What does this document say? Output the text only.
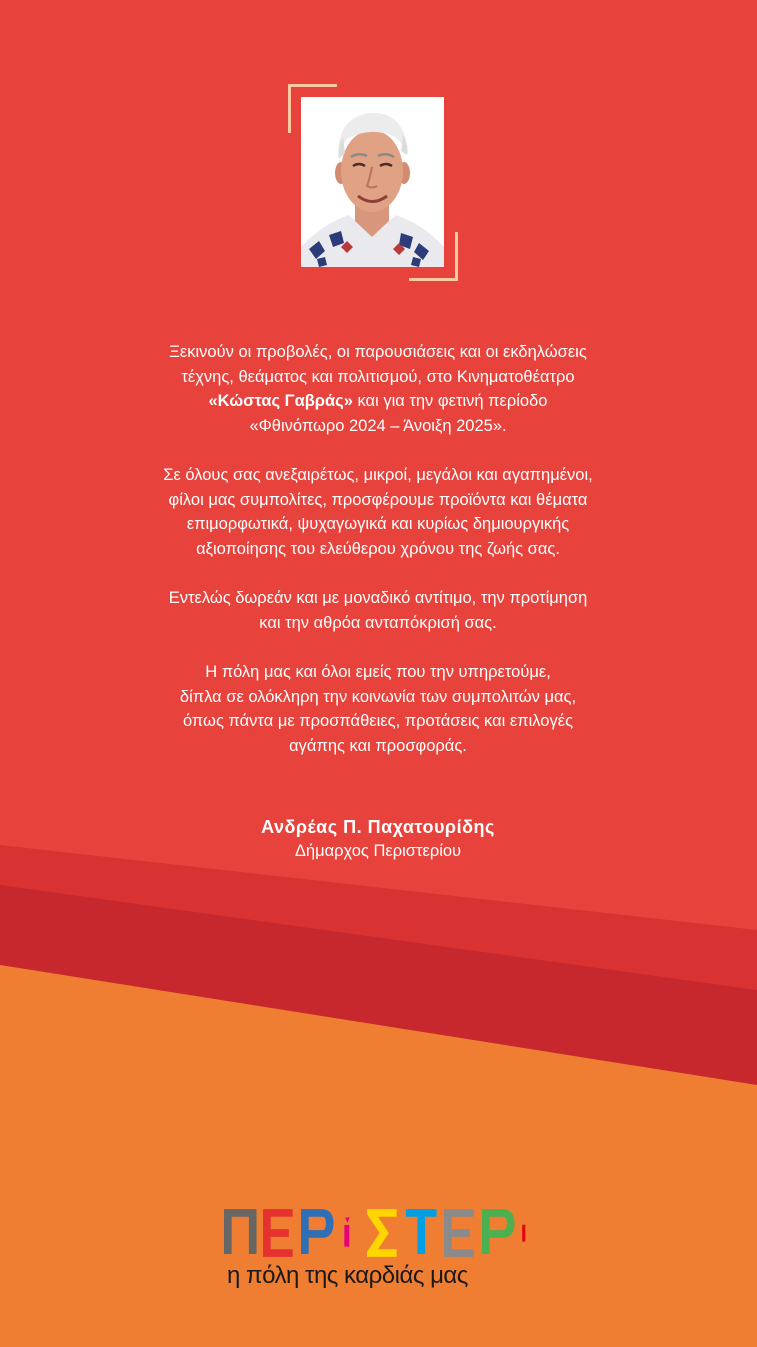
Ξεκινούν οι προβολές, οι παρουσιάσεις και οι εκδηλώσεις
τέχνης, θεάματος και πολιτισμού, στο Κινηματοθέατρο
«Κώστας Γαβράς» και για την φετινή περίοδο
«Φθινόπωρο 2024 – Άνοιξη 2025».

Σε όλους σας ανεξαιρέτως, μικροί, μεγάλοι και αγαπημένοι,
φίλοι μας συμπολίτες, προσφέρουμε προϊόντα και θέματα
επιμορφωτικά, ψυχαγωγικά και κυρίως δημιουργικής
αξιοποίησης του ελεύθερου χρόνου της ζωής σας.

Εντελώς δωρεάν και με μοναδικό αντίτιμο, την προτίμηση
και την αθρόα ανταπόκρισή σας.

Η πόλη μας και όλοι εμείς που την υπηρετούμε,
δίπλα σε ολόκληρη την κοινωνία των συμπολιτών μας,
όπως πάντα με προσπάθειες, προτάσεις και επιλογές
αγάπης και προσφοράς.

Ανδρέας Π. Παχατουρίδης
Δήμαρχος Περιστερίου
η πόλη της καρδιάς μας
